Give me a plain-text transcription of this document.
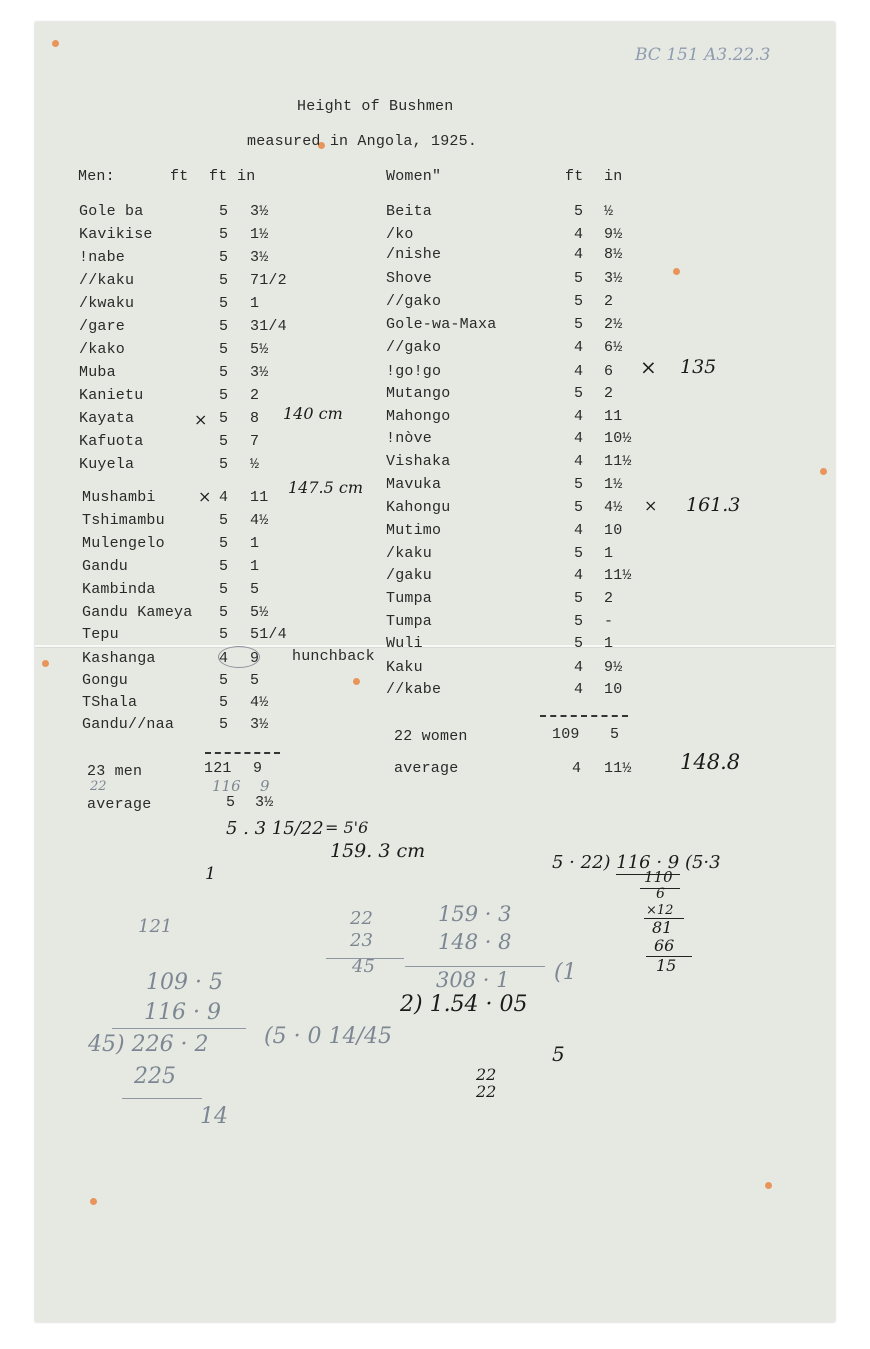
BC 151 A3.22.3
Height of Bushmen
measured in Angola, 1925.
Men:	ft ft in
Gole ba	5 3½
Kavikise	5 1½
!nabe	5 3½
//kaku	5 71/2
/kwaku	5 1
/gare	5 31/4
/kako	5 5½
Muba	5 3½
Kanietu	5 2
Kayata	5 8
Kafuota	5 7
Kuyela	5 ½
Mushambi	4 11
Tshimambu	5 4½
Mulengelo	5 1
Gandu	5 1
Kambinda	5 5
Gandu Kameya 5 5½
Tepu	5 51/4
Kashanga	4 9
Gongu	5 5
TShala	5 4½
Gandu//naa	5 3½
Women"	ft in
Beita	5 ½
/ko	4 9½
/nishe	4 8½
Shove	5 3½
//gako	5 2
Gole-wa-Maxa	5 2½
//gako	4 6½
!go!go	4 6
Mutango	5 2
Mahongo	4 11
!nòve	4 10½
Vishaka	4 11½
Mavuka	5 1½
Kahongu	5 4½
Mutimo	4 10
/kaku	5 1
/gaku	4 11½
Tumpa	5 2
Tumpa	5 -
Wuli	5 1
Kaku	4 9½
//kabe	4 10
hunchback
23 men	121 9
average	5 3½
22 women	109 5
average	4 11½
×	140 cm
×	147.5 cm
× 135
× 161.3
148.8
22	116 9
5 . 3 15/22 = 5'6
159. 3 cm
1
5 · 22) 116 · 9 (5·3
110
6
×12
81
66
15
159 · 3
148 · 8
308 · 1
2) 1.54 · 05
(1
5
22
22
121	22
23
45
109 · 5
116 · 9
45) 226 · 2
225
14
(5 · 0 14/45
